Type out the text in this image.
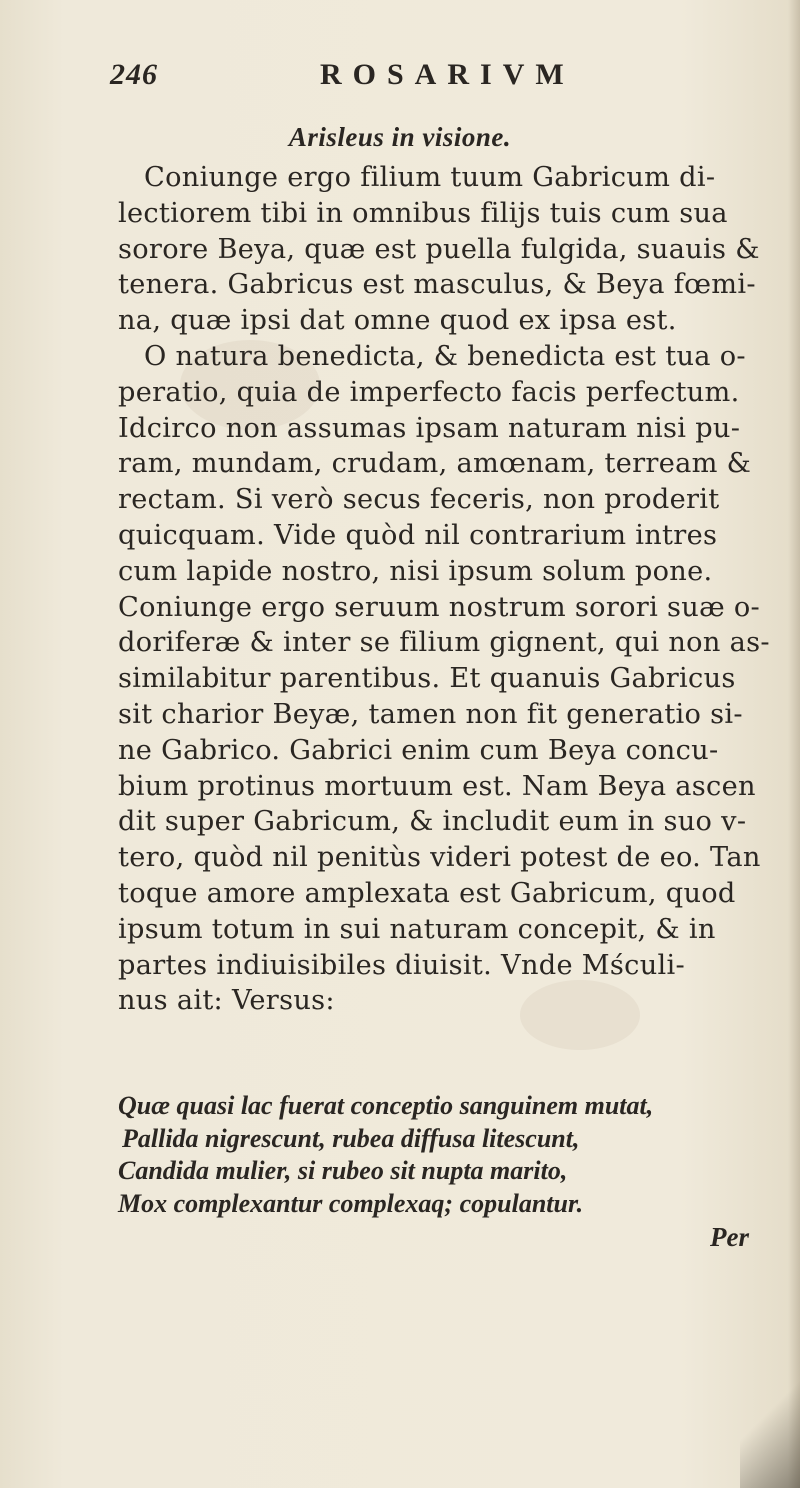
246	ROSARIVM
Arisleus in visione.
Coniunge ergo filium tuum Gabricum di-
lectiorem tibi in omnibus filijs tuis cum sua
sorore Beya, quæ est puella fulgida, suauis &
tenera. Gabricus est masculus, & Beya fœmi-
na, quæ ipsi dat omne quod ex ipsa est.
O natura benedicta, & benedicta est tua o-
peratio, quia de imperfecto facis perfectum.
Idcirco non assumas ipsam naturam nisi pu-
ram, mundam, crudam, amœnam, terream &
rectam. Si verò secus feceris, non proderit
quicquam. Vide quòd nil contrarium intres
cum lapide nostro, nisi ipsum solum pone.
Coniunge ergo seruum nostrum sorori suæ o-
doriferæ & inter se filium gignent, qui non as-
similabitur parentibus. Et quanuis Gabricus
sit charior Beyæ, tamen non fit generatio si-
ne Gabrico. Gabrici enim cum Beya concu-
bium protinus mortuum est. Nam Beya ascen
dit super Gabricum, & includit eum in suo v-
tero, quòd nil penitùs videri potest de eo. Tan
toque amore amplexata est Gabricum, quod
ipsum totum in sui naturam concepit, & in
partes indiuisibiles diuisit. Vnde Mśculi-
nus ait: Versus:
Quæ quasi lac fuerat conceptio sanguinem mutat,
Pallida nigrescunt, rubea diffusa litescunt,
Candida mulier, si rubeo sit nupta marito,
Mox complexantur complexaq; copulantur.
Per
